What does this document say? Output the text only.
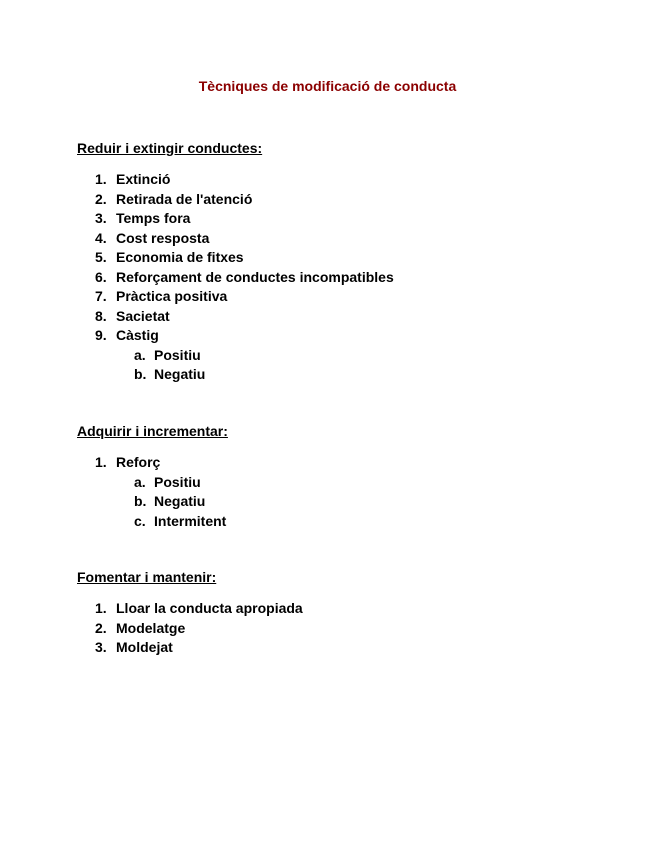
Tècniques de modificació de conducta

Reduir i extingir conductes:

1. Extinció
2. Retirada de l'atenció
3. Temps fora
4. Cost resposta
5. Economia de fitxes
6. Reforçament de conductes incompatibles
7. Pràctica positiva
8. Sacietat
9. Càstig
a. Positiu
b. Negatiu

Adquirir i incrementar:

1. Reforç
a. Positiu
b. Negatiu
c. Intermitent

Fomentar i mantenir:

1. Lloar la conducta apropiada
2. Modelatge
3. Moldejat
